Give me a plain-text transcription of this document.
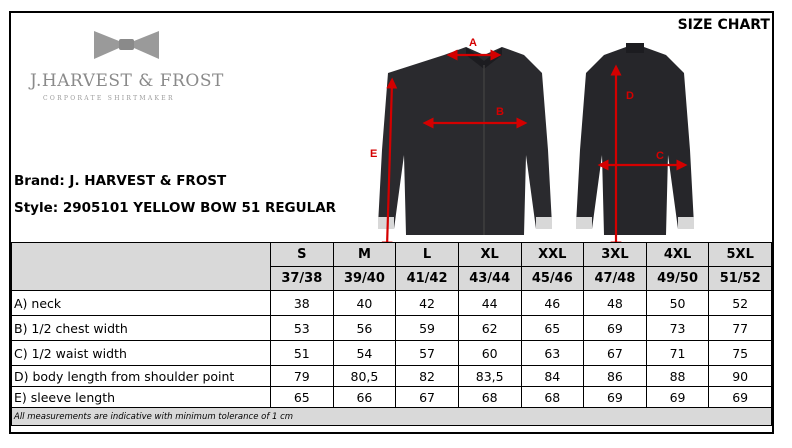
J.HARVEST & FROST
CORPORATE SHIRTMAKER
SIZE CHART
Brand: J. HARVEST & FROST
Style: 2905101 YELLOW BOW 51 REGULAR
A
B
E
D
C
	S	M	L	XL	XXL	3XL	4XL	5XL
	37/38	39/40	41/42	43/44	45/46	47/48	49/50	51/52
A) neck	38	40	42	44	46	48	50	52
B) 1/2 chest width	53	56	59	62	65	69	73	77
C) 1/2 waist width	51	54	57	60	63	67	71	75
D) body length from shoulder point	79	80,5	82	83,5	84	86	88	90
E) sleeve length	65	66	67	68	68	69	69	69
All measurements are indicative with minimum tolerance of 1 cm								
